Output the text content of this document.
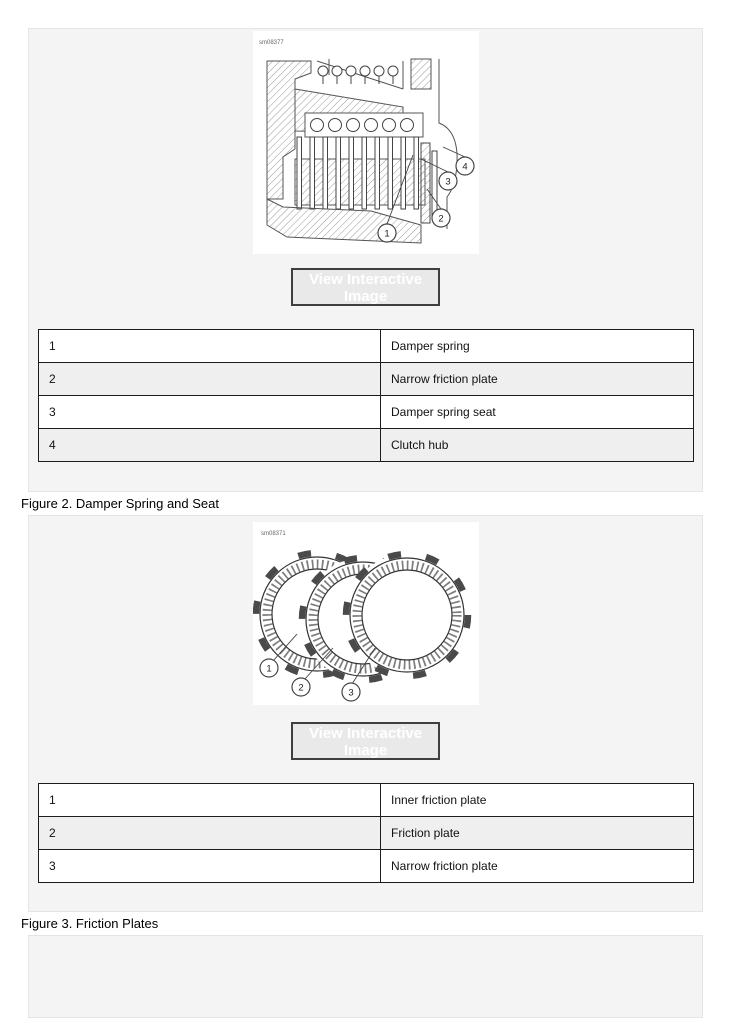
sm08377
1
2
3
4
View Interactive Image
1	Damper spring
2	Narrow friction plate
3	Damper spring seat
4	Clutch hub
Figure 2. Damper Spring and Seat
sm08371
1
2	3
View Interactive Image
1	Inner friction plate
2	Friction plate
3	Narrow friction plate
Figure 3. Friction Plates
